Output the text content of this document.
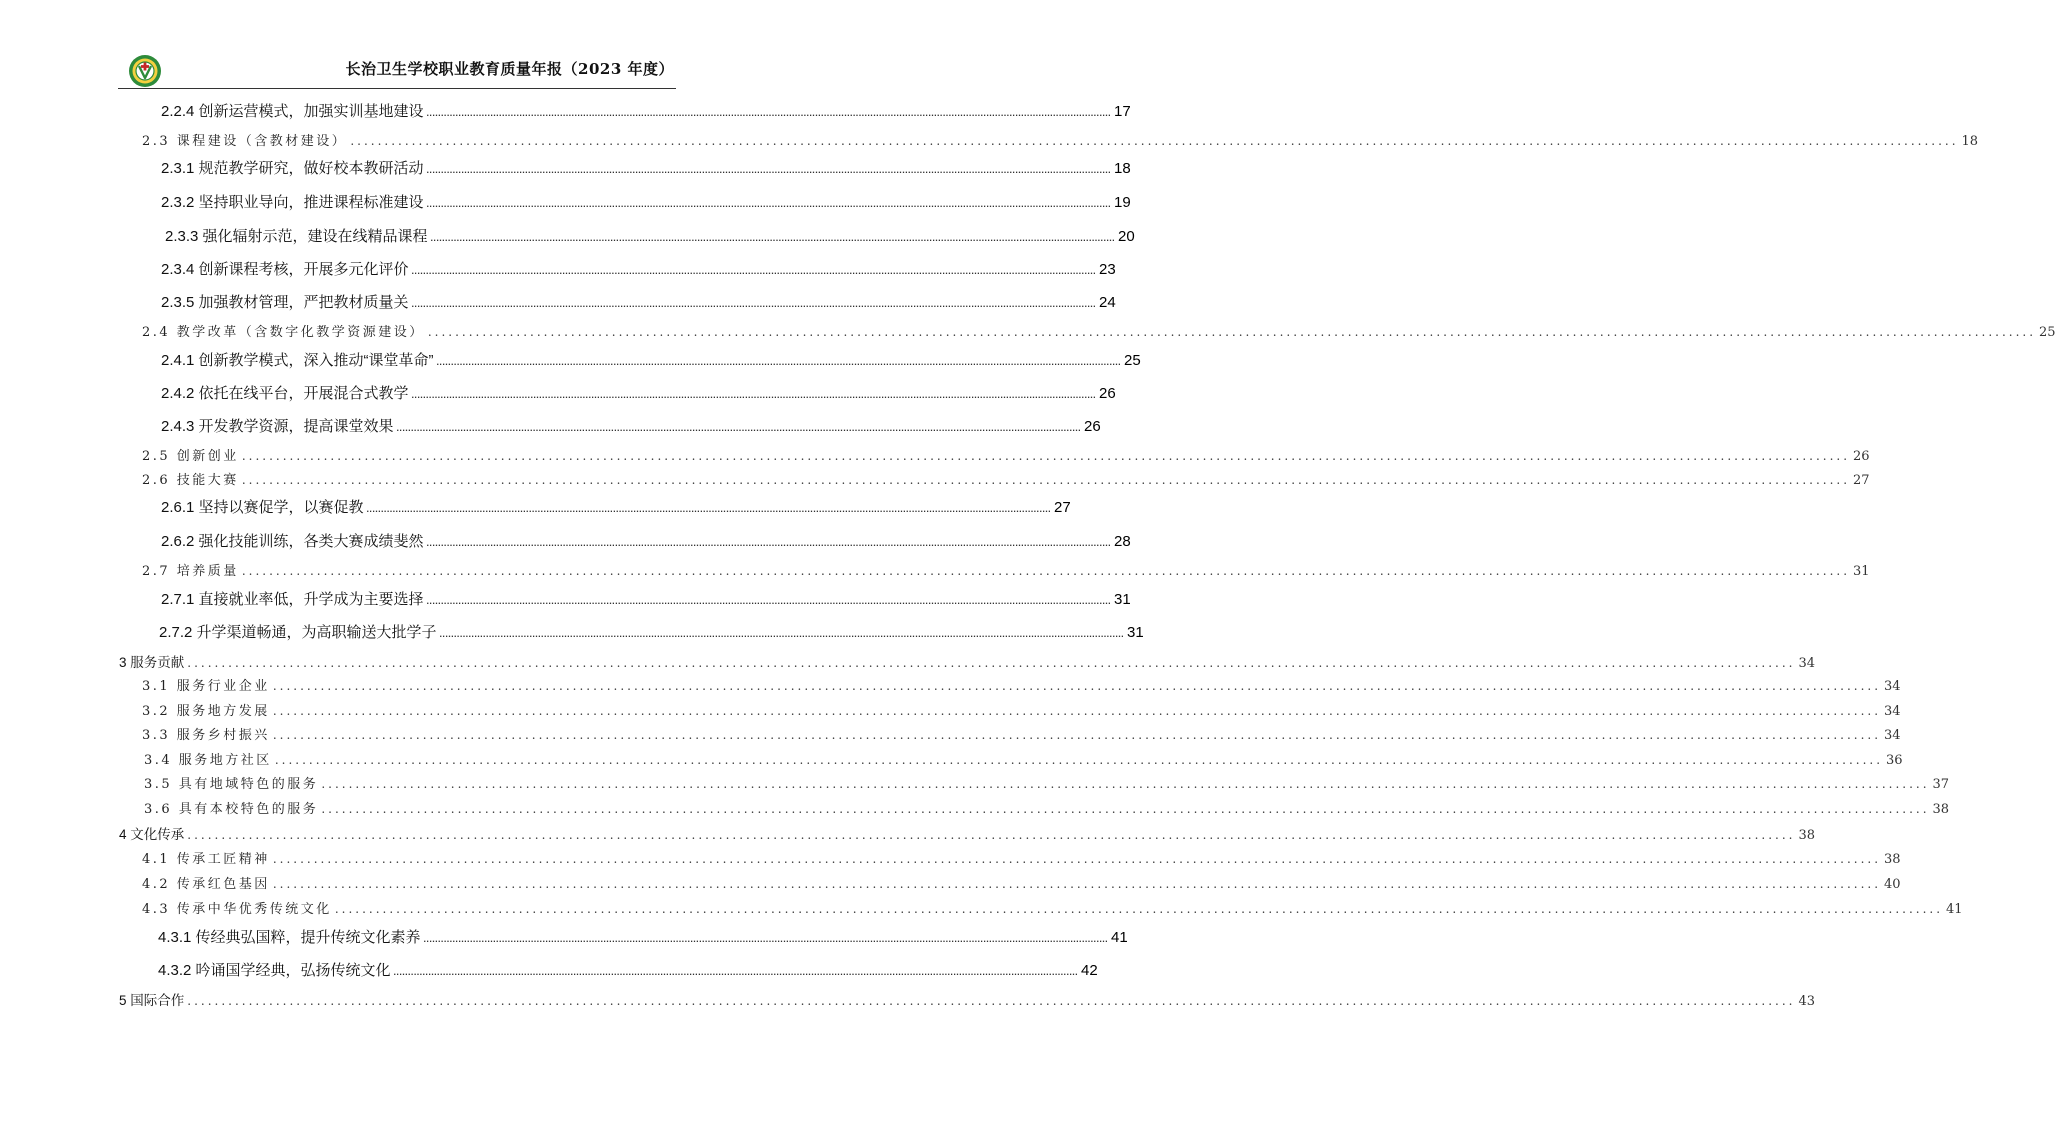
长治卫生学校职业教育质量年报（2023 年度）
2.2.4 创新运营模式，加强实训基地建设 ............................................................................................................................................................................................................................................ 17
2.3 课程建设（含教材建设） ............................................................................................................................................................................................................................................ 18
2.3.1 规范教学研究，做好校本教研活动 ............................................................................................................................................................................................................................................ 18
2.3.2 坚持职业导向，推进课程标准建设 ............................................................................................................................................................................................................................................ 19
2.3.3 强化辐射示范，建设在线精品课程 ............................................................................................................................................................................................................................................ 20
2.3.4 创新课程考核，开展多元化评价 ............................................................................................................................................................................................................................................ 23
2.3.5 加强教材管理，严把教材质量关 ............................................................................................................................................................................................................................................ 24
2.4 教学改革（含数字化教学资源建设） ............................................................................................................................................................................................................................................ 25
2.4.1 创新教学模式，深入推动“课堂革命” ............................................................................................................................................................................................................................................ 25
2.4.2 依托在线平台，开展混合式教学 ............................................................................................................................................................................................................................................ 26
2.4.3 开发教学资源，提高课堂效果 ............................................................................................................................................................................................................................................ 26
2.5 创新创业 ............................................................................................................................................................................................................................................ 26
2.6 技能大赛 ............................................................................................................................................................................................................................................ 27
2.6.1 坚持以赛促学，以赛促教 ............................................................................................................................................................................................................................................ 27
2.6.2 强化技能训练，各类大赛成绩斐然 ............................................................................................................................................................................................................................................ 28
2.7 培养质量 ............................................................................................................................................................................................................................................ 31
2.7.1 直接就业率低，升学成为主要选择 ............................................................................................................................................................................................................................................ 31
2.7.2 升学渠道畅通，为高职输送大批学子 ............................................................................................................................................................................................................................................ 31
3 服务贡献 ............................................................................................................................................................................................................................................ 34
3.1 服务行业企业 ............................................................................................................................................................................................................................................ 34
3.2 服务地方发展 ............................................................................................................................................................................................................................................ 34
3.3 服务乡村振兴 ............................................................................................................................................................................................................................................ 34
3.4 服务地方社区 ............................................................................................................................................................................................................................................ 36
3.5 具有地域特色的服务 ............................................................................................................................................................................................................................................ 37
3.6 具有本校特色的服务 ............................................................................................................................................................................................................................................ 38
4 文化传承 ............................................................................................................................................................................................................................................ 38
4.1 传承工匠精神 ............................................................................................................................................................................................................................................ 38
4.2 传承红色基因 ............................................................................................................................................................................................................................................ 40
4.3 传承中华优秀传统文化 ............................................................................................................................................................................................................................................ 41
4.3.1 传经典弘国粹，提升传统文化素养 ............................................................................................................................................................................................................................................ 41
4.3.2 吟诵国学经典，弘扬传统文化 ............................................................................................................................................................................................................................................ 42
5 国际合作 ............................................................................................................................................................................................................................................ 43
